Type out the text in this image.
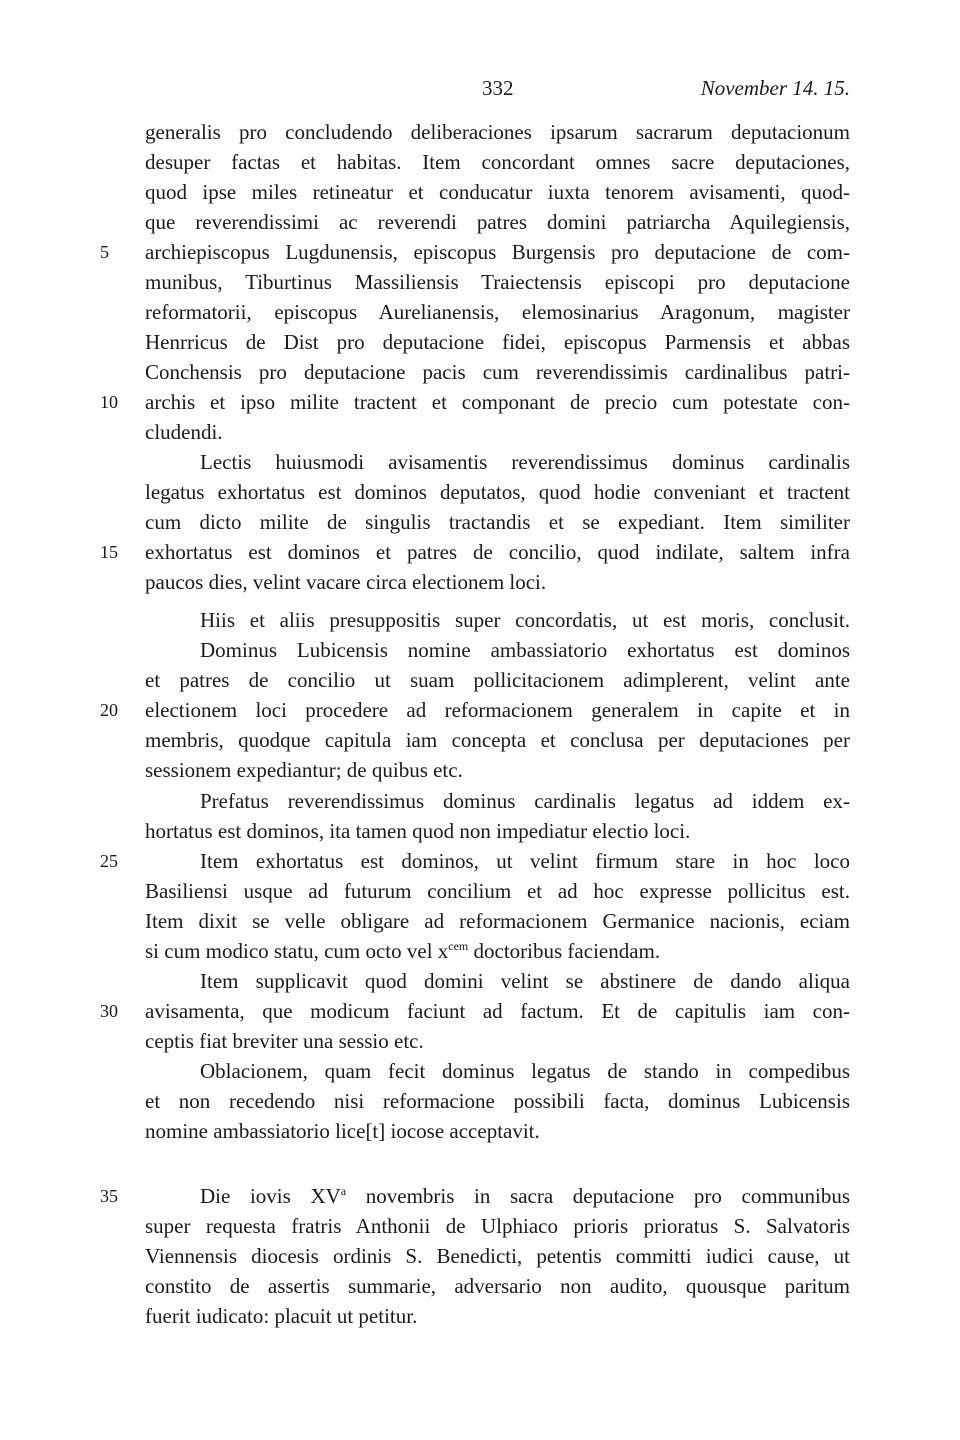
332	November 14. 15.
generalis pro concludendo deliberaciones ipsarum sacrarum deputacionum
desuper factas et habitas. Item concordant omnes sacre deputaciones,
quod ipse miles retineatur et conducatur iuxta tenorem avisamenti, quod-
que reverendissimi ac reverendi patres domini patriarcha Aquilegiensis,
archiepiscopus Lugdunensis, episcopus Burgensis pro deputacione de com-
munibus, Tiburtinus Massiliensis Traiectensis episcopi pro deputacione
reformatorii, episcopus Aurelianensis, elemosinarius Aragonum, magister
Henrricus de Dist pro deputacione fidei, episcopus Parmensis et abbas
Conchensis pro deputacione pacis cum reverendissimis cardinalibus patri-
archis et ipso milite tractent et componant de precio cum potestate con-
cludendi.
Lectis huiusmodi avisamentis reverendissimus dominus cardinalis
legatus exhortatus est dominos deputatos, quod hodie conveniant et tractent
cum dicto milite de singulis tractandis et se expediant. Item similiter
exhortatus est dominos et patres de concilio, quod indilate, saltem infra
paucos dies, velint vacare circa electionem loci.
Hiis et aliis presuppositis super concordatis, ut est moris, conclusit.
Dominus Lubicensis nomine ambassiatorio exhortatus est dominos
et patres de concilio ut suam pollicitacionem adimplerent, velint ante
electionem loci procedere ad reformacionem generalem in capite et in
membris, quodque capitula iam concepta et conclusa per deputaciones per
sessionem expediantur; de quibus etc.
Prefatus reverendissimus dominus cardinalis legatus ad iddem ex-
hortatus est dominos, ita tamen quod non impediatur electio loci.
Item exhortatus est dominos, ut velint firmum stare in hoc loco
Basiliensi usque ad futurum concilium et ad hoc expresse pollicitus est.
Item dixit se velle obligare ad reformacionem Germanice nacionis, eciam
si cum modico statu, cum octo vel $x^{cem}$ doctoribus faciendam.
Item supplicavit quod domini velint se abstinere de dando aliqua
avisamenta, que modicum faciunt ad factum. Et de capitulis iam con-
ceptis fiat breviter una sessio etc.
Oblacionem, quam fecit dominus legatus de stando in compedibus
et non recedendo nisi reformacione possibili facta, dominus Lubicensis
nomine ambassiatorio lice[t] iocose acceptavit.
Die iovis $XV^a$ novembris in sacra deputacione pro communibus
super requesta fratris Anthonii de Ulphiaco prioris prioratus S. Salvatoris
Viennensis diocesis ordinis S. Benedicti, petentis committi iudici cause, ut
constito de assertis summarie, adversario non audito, quousque paritum
fuerit iudicato: placuit ut petitur.
5
10
15
20
25
30
35
